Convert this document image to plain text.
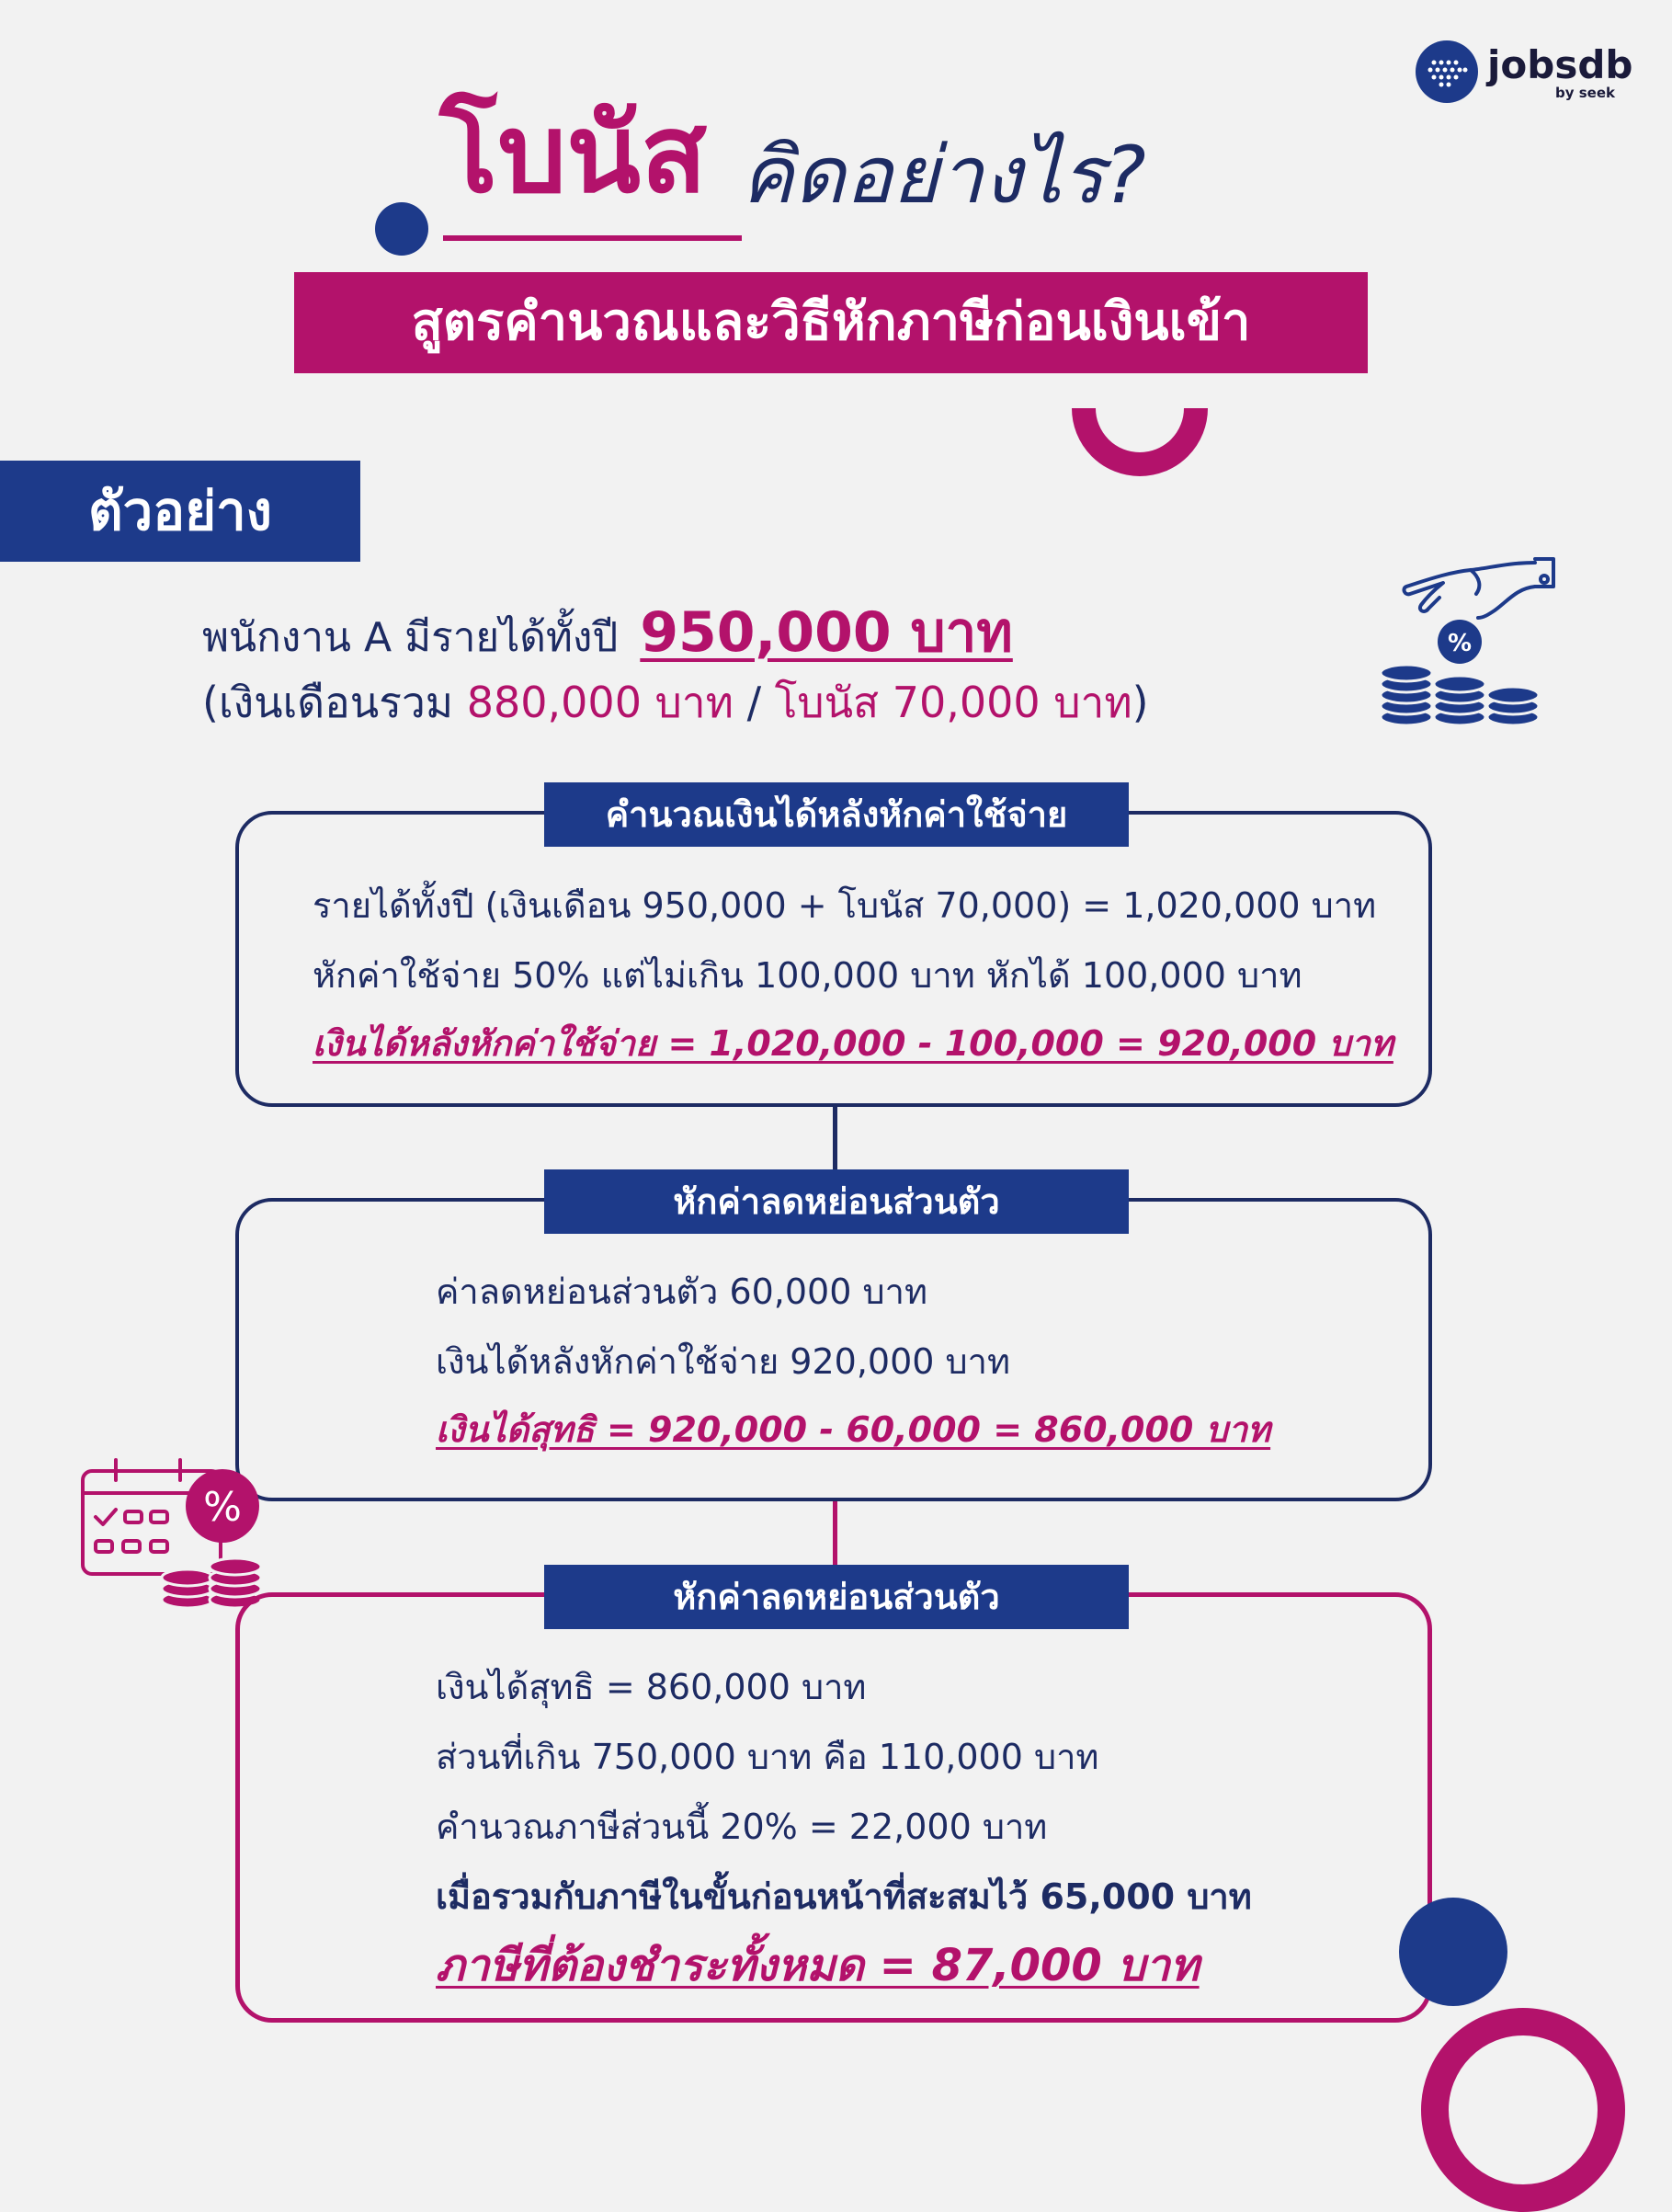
jobsdb
by seek
โบนัส คิดอย่างไร?
สูตรคำนวณและวิธีหักภาษีก่อนเงินเข้า
ตัวอย่าง
พนักงาน A มีรายได้ทั้งปี 950,000 บาท
(เงินเดือนรวม 880,000 บาท / โบนัส 70,000 บาท)
%
คำนวณเงินได้หลังหักค่าใช้จ่าย
รายได้ทั้งปี (เงินเดือน 950,000 + โบนัส 70,000) = 1,020,000 บาท
หักค่าใช้จ่าย 50% แต่ไม่เกิน 100,000 บาท หักได้ 100,000 บาท
เงินได้หลังหักค่าใช้จ่าย = 1,020,000 - 100,000 = 920,000 บาท
หักค่าลดหย่อนส่วนตัว
ค่าลดหย่อนส่วนตัว 60,000 บาท
เงินได้หลังหักค่าใช้จ่าย 920,000 บาท
เงินได้สุทธิ = 920,000 - 60,000 = 860,000 บาท
%
หักค่าลดหย่อนส่วนตัว
เงินได้สุทธิ = 860,000 บาท
ส่วนที่เกิน 750,000 บาท คือ 110,000 บาท
คำนวณภาษีส่วนนี้ 20% = 22,000 บาท
เมื่อรวมกับภาษีในขั้นก่อนหน้าที่สะสมไว้ 65,000 บาท
ภาษีที่ต้องชำระทั้งหมด = 87,000 บาท
